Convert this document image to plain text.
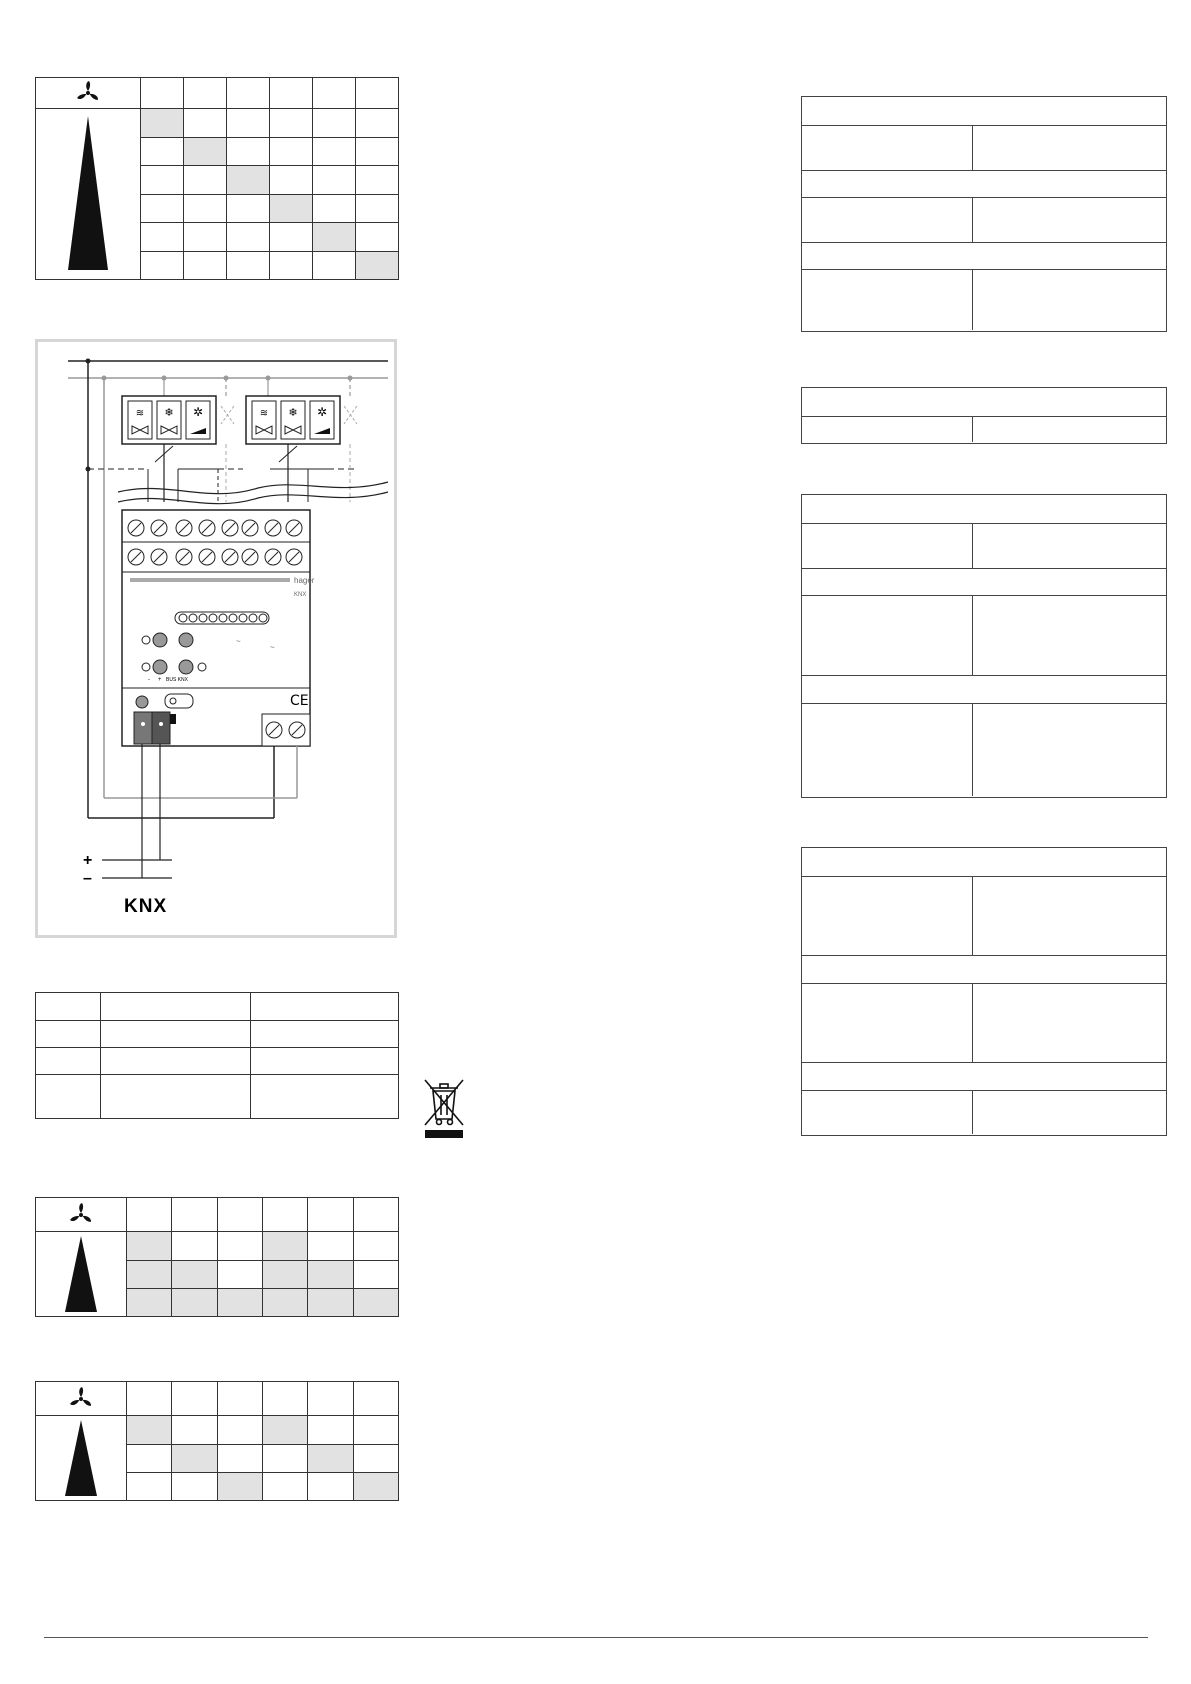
≋ ❄ ✲	≋ ❄ ✲
hager
KNX
- + BUS KNX
~
~
CE
+
–
KNX
